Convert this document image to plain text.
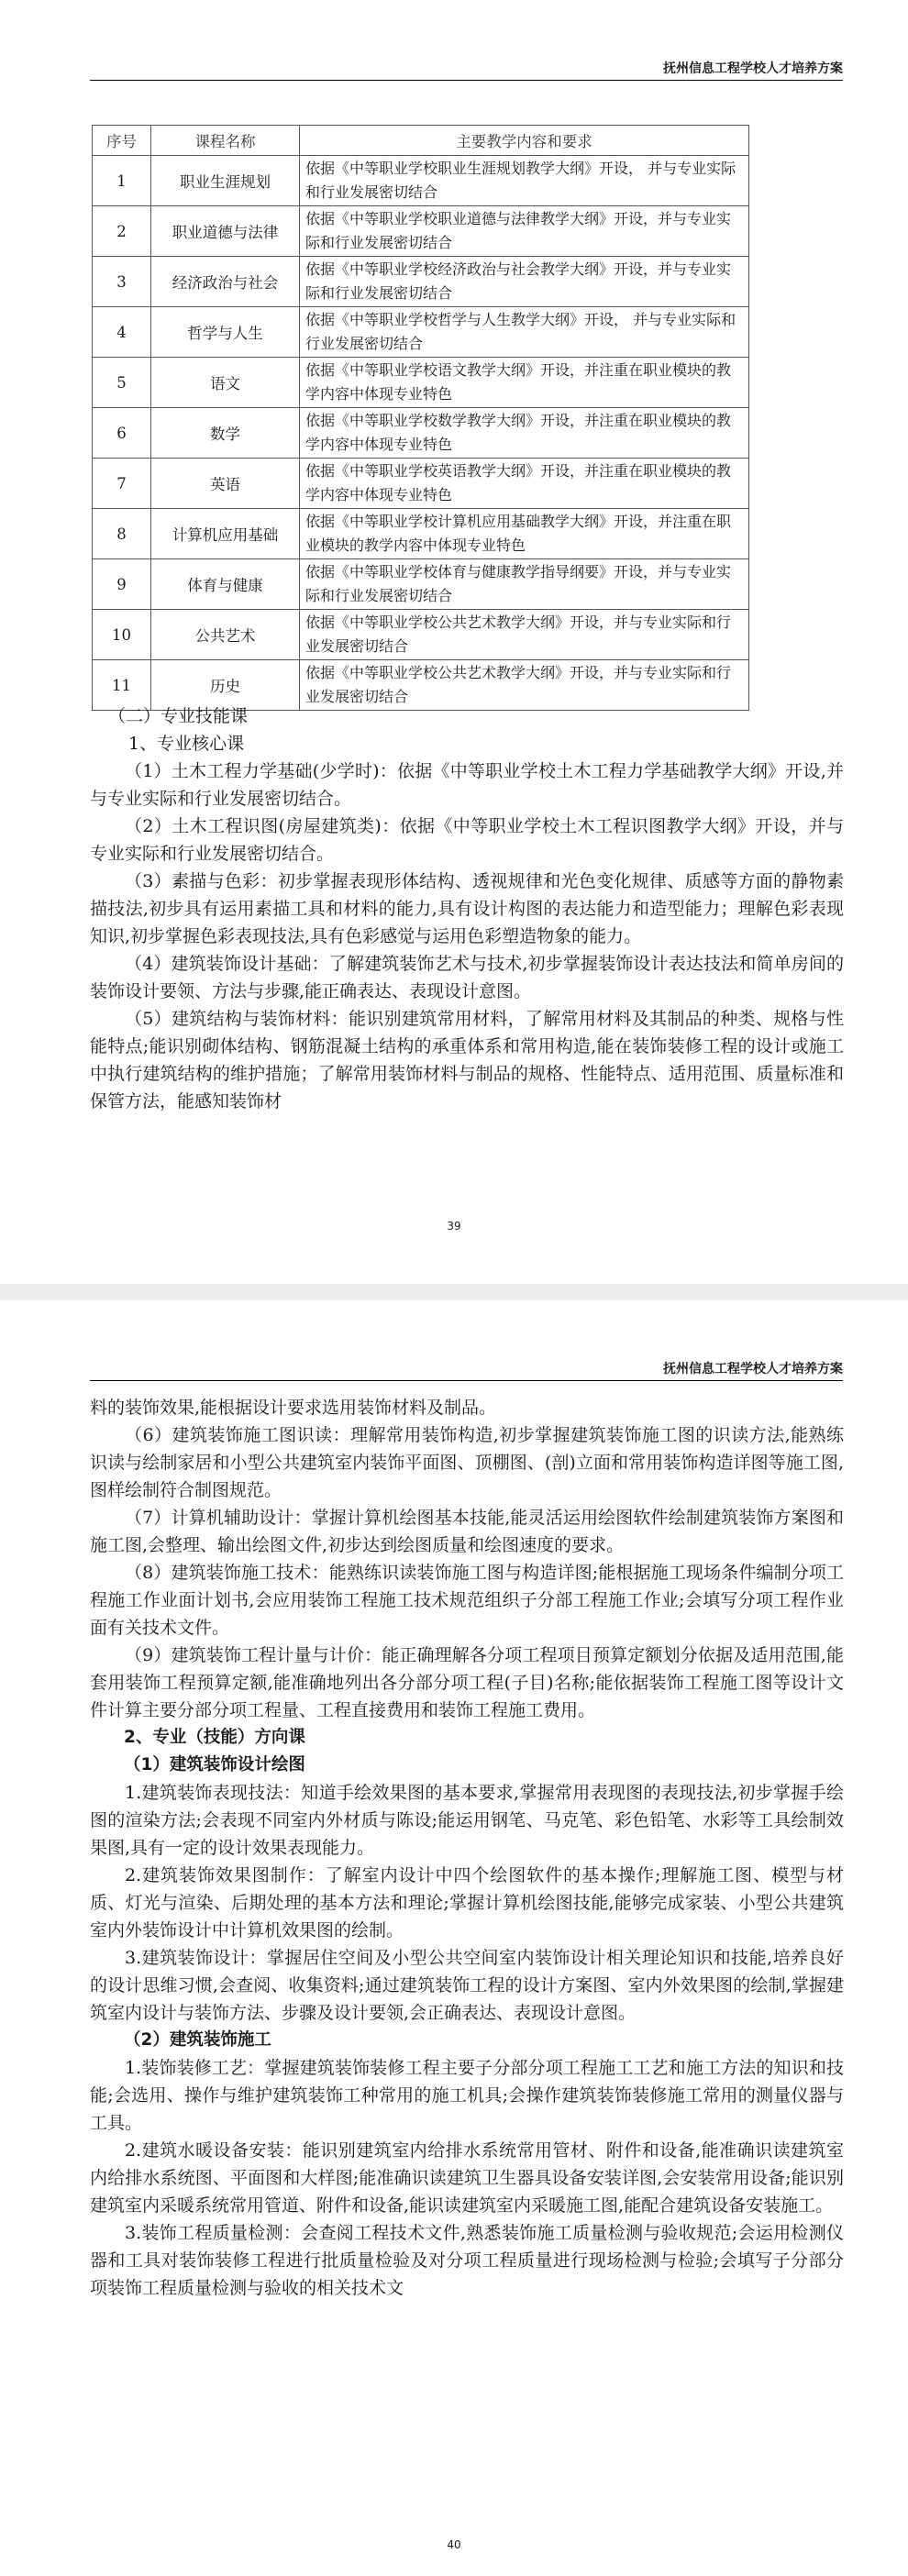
抚州信息工程学校人才培养方案
序号	课程名称	主要教学内容和要求
1	职业生涯规划	依据《中等职业学校职业生涯规划教学大纲》开设， 并与专业实际和行业发展密切结合
2	职业道德与法律	依据《中等职业学校职业道德与法律教学大纲》开设，并与专业实际和行业发展密切结合
3	经济政治与社会	依据《中等职业学校经济政治与社会教学大纲》开设，并与专业实际和行业发展密切结合
4	哲学与人生	依据《中等职业学校哲学与人生教学大纲》开设， 并与专业实际和行业发展密切结合
5	语文	依据《中等职业学校语文教学大纲》开设，并注重在职业模块的教学内容中体现专业特色
6	数学	依据《中等职业学校数学教学大纲》开设，并注重在职业模块的教学内容中体现专业特色
7	英语	依据《中等职业学校英语教学大纲》开设，并注重在职业模块的教学内容中体现专业特色
8	计算机应用基础	依据《中等职业学校计算机应用基础教学大纲》开设，并注重在职业模块的教学内容中体现专业特色
9	体育与健康	依据《中等职业学校体育与健康教学指导纲要》开设，并与专业实际和行业发展密切结合
10	公共艺术	依据《中等职业学校公共艺术教学大纲》开设，并与专业实际和行业发展密切结合
11	历史	依据《中等职业学校公共艺术教学大纲》开设，并与专业实际和行业发展密切结合

（二）专业技能课

1、专业核心课

（1）土木工程力学基础(少学时)：依据《中等职业学校土木工程力学基础教学大纲》开设,并与专业实际和行业发展密切结合。

（2）土木工程识图(房屋建筑类)：依据《中等职业学校土木工程识图教学大纲》开设，并与专业实际和行业发展密切结合。

（3）素描与色彩：初步掌握表现形体结构、透视规律和光色变化规律、质感等方面的静物素描技法,初步具有运用素描工具和材料的能力,具有设计构图的表达能力和造型能力；理解色彩表现知识,初步掌握色彩表现技法,具有色彩感觉与运用色彩塑造物象的能力。

（4）建筑装饰设计基础：了解建筑装饰艺术与技术,初步掌握装饰设计表达技法和简单房间的装饰设计要领、方法与步骤,能正确表达、表现设计意图。

（5）建筑结构与装饰材料：能识别建筑常用材料，了解常用材料及其制品的种类、规格与性能特点;能识别砌体结构、钢筋混凝土结构的承重体系和常用构造,能在装饰装修工程的设计或施工中执行建筑结构的维护措施；了解常用装饰材料与制品的规格、性能特点、适用范围、质量标准和保管方法，能感知装饰材

39
抚州信息工程学校人才培养方案

料的装饰效果,能根据设计要求选用装饰材料及制品。

（6）建筑装饰施工图识读：理解常用装饰构造,初步掌握建筑装饰施工图的识读方法,能熟练识读与绘制家居和小型公共建筑室内装饰平面图、顶棚图、(剖)立面和常用装饰构造详图等施工图,图样绘制符合制图规范。

（7）计算机辅助设计：掌握计算机绘图基本技能,能灵活运用绘图软件绘制建筑装饰方案图和施工图,会整理、输出绘图文件,初步达到绘图质量和绘图速度的要求。

（8）建筑装饰施工技术：能熟练识读装饰施工图与构造详图;能根据施工现场条件编制分项工程施工作业面计划书,会应用装饰工程施工技术规范组织子分部工程施工作业;会填写分项工程作业面有关技术文件。

（9）建筑装饰工程计量与计价：能正确理解各分项工程项目预算定额划分依据及适用范围,能套用装饰工程预算定额,能准确地列出各分部分项工程(子目)名称;能依据装饰工程施工图等设计文件计算主要分部分项工程量、工程直接费用和装饰工程施工费用。

2、专业（技能）方向课

（1）建筑装饰设计绘图

1.建筑装饰表现技法：知道手绘效果图的基本要求,掌握常用表现图的表现技法,初步掌握手绘图的渲染方法;会表现不同室内外材质与陈设;能运用钢笔、马克笔、彩色铅笔、水彩等工具绘制效果图,具有一定的设计效果表现能力。

2.建筑装饰效果图制作：了解室内设计中四个绘图软件的基本操作;理解施工图、模型与材质、灯光与渲染、后期处理的基本方法和理论;掌握计算机绘图技能,能够完成家装、小型公共建筑室内外装饰设计中计算机效果图的绘制。

3.建筑装饰设计：掌握居住空间及小型公共空间室内装饰设计相关理论知识和技能,培养良好的设计思维习惯,会查阅、收集资料;通过建筑装饰工程的设计方案图、室内外效果图的绘制,掌握建筑室内设计与装饰方法、步骤及设计要领,会正确表达、表现设计意图。

（2）建筑装饰施工

1.装饰装修工艺：掌握建筑装饰装修工程主要子分部分项工程施工工艺和施工方法的知识和技能;会选用、操作与维护建筑装饰工种常用的施工机具;会操作建筑装饰装修施工常用的测量仪器与工具。

2.建筑水暖设备安装：能识别建筑室内给排水系统常用管材、附件和设备,能准确识读建筑室内给排水系统图、平面图和大样图;能准确识读建筑卫生器具设备安装详图,会安装常用设备;能识别建筑室内采暖系统常用管道、附件和设备,能识读建筑室内采暖施工图,能配合建筑设备安装施工。

3.装饰工程质量检测：会查阅工程技术文件,熟悉装饰施工质量检测与验收规范;会运用检测仪器和工具对装饰装修工程进行批质量检验及对分项工程质量进行现场检测与检验;会填写子分部分项装饰工程质量检测与验收的相关技术文

40
